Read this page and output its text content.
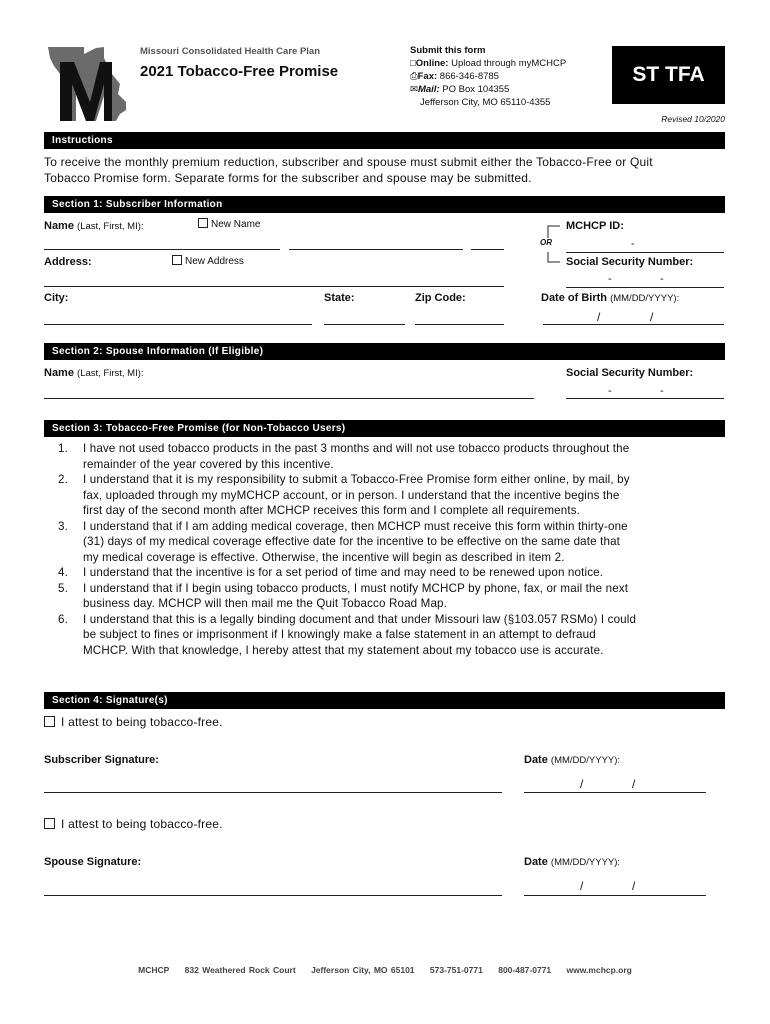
Missouri Consolidated Health Care Plan
2021 Tobacco-Free Promise
Submit this form
□Online: Upload through myMCHCP
⎙Fax: 866-346-8785
✉Mail: PO Box 104355
Jefferson City, MO 65110-4355
ST TFA
Revised 10/2020
Instructions
To receive the monthly premium reduction, subscriber and spouse must submit either the Tobacco-Free or Quit
Tobacco Promise form. Separate forms for the subscriber and spouse may be submitted.
Section 1: Subscriber Information
Name (Last, First, MI):	New Name
Address:	New Address
OR
MCHCP ID:
-
Social Security Number:
-	-
City:	State:	Zip Code:	Date of Birth (MM/DD/YYYY):
/	/
Section 2: Spouse Information (If Eligible)
Name (Last, First, MI):	Social Security Number:
-	-
Section 3: Tobacco-Free Promise (for Non-Tobacco Users)
1. I have not used tobacco products in the past 3 months and will not use tobacco products throughout the
remainder of the year covered by this incentive.
2. I understand that it is my responsibility to submit a Tobacco-Free Promise form either online, by mail, by
fax, uploaded through my myMCHCP account, or in person. I understand that the incentive begins the
first day of the second month after MCHCP receives this form and I complete all requirements.
3. I understand that if I am adding medical coverage, then MCHCP must receive this form within thirty-one
(31) days of my medical coverage effective date for the incentive to be effective on the same date that
my medical coverage is effective. Otherwise, the incentive will begin as described in item 2.
4. I understand that the incentive is for a set period of time and may need to be renewed upon notice.
5. I understand that if I begin using tobacco products, I must notify MCHCP by phone, fax, or mail the next
business day. MCHCP will then mail me the Quit Tobacco Road Map.
6. I understand that this is a legally binding document and that under Missouri law (§103.057 RSMo) I could
be subject to fines or imprisonment if I knowingly make a false statement in an attempt to defraud
MCHCP. With that knowledge, I hereby attest that my statement about my tobacco use is accurate.
Section 4: Signature(s)
I attest to being tobacco-free.
Subscriber Signature:	Date (MM/DD/YYYY):
/	/
I attest to being tobacco-free.
Spouse Signature:	Date (MM/DD/YYYY):
/	/
MCHCP 832 Weathered Rock Court Jefferson City, MO 65101 573-751-0771 800-487-0771 www.mchcp.org
